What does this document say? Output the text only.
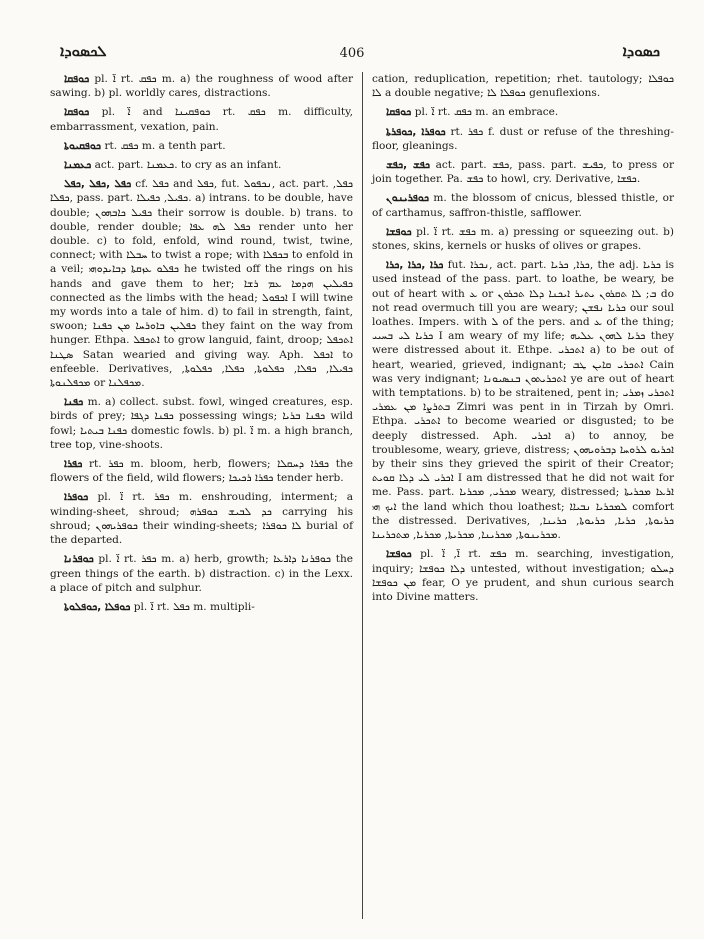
ܠܟܣܘܕܐ	406	ܟܣܘܕܐ

ܟܘܦܩܐ pl. ܐ̈ rt. ܟܦܩ m. a) the roughness of wood after sawing. b) pl. worldly cares, distractions.

ܟܘܦܩܐ pl. ܐ̈ and ܟܘܦܩܝܢܐ rt. ܟܦܩ m. difficulty, embarrassment, vexation, pain.

ܟܘܦܩܝܘܬܐ rt. ܟܦܩ m. a tenth part.

ܟܥܡܢܐ act. part. ܟܥܡܢܐ. to cry as an infant.

ܟܦܠ ,ܟܦܠ ,ܟܦܠ cf. ܟܦܠ and ܟܦܠ, fut. ܢܟܦܘܠ, act. part. ܟܦܠ, ܟܦܠܐ, pass. part. ܟܦܝܠ, ܟܦܝܠܐ. a) intrans. to be double, have double; ܟܦܝܠ ܟܐܒܗܘܢ their sorrow is double. b) trans. to double, render double; ܟܦܠ ܠܗ ܥܦܐ render unto her double. c) to fold, enfold, wind round, twist, twine, connect; with ܚܒܠܐ to twist a rope; with ܒܟܦܠܐ to enfold in a veil; ܟܦܠܘ ܥܙܩܬܐ ܕܒܐܝܕܘܗܝ he twisted off the rings on his hands and gave them to her; ܟܦܝܠܝܢ ܗܕܡܐ ܥܡ ܪܫܐ connected as the limbs with the head; ܐܟܦܘܠ I will twine my words into a tale of him. d) to fail in strength, faint, swoon; ܟܦܠܝܢ ܒܐܘܪܚܐ ܡܢ ܟܦܢܐ they faint on the way from hunger. Ethpa. ܐܬܟܦܠ to grow languid, faint, droop; ܐܬܟܦܠ ܣܛܢܐ Satan wearied and giving way. Aph. ܐܟܦܠ to enfeeble. Derivatives, ܟܦܝܠܐ, ܟܦܠܐ, ܟܦܠܘܬܐ, ܟܦܠܐ, ܟܦܠܘܬܐ, ܡܟܦܠܢܘܬܐ or ܡܟܦܠܢܐ.

ܟܦܢܐ m. a) collect. subst. fowl, winged creatures, esp. birds of prey; ܟܦܢܐ ܕܓܦܐ possessing wings; ܟܦܢܐ ܒܪܝܐ wild fowl; ܟܦܢܐ ܒܝܬܝܐ domestic fowls. b) pl. ܐ̈ m. a high branch, tree top, vine-shoots.

ܟܦܪܐ rt. ܟܦܪ m. bloom, herb, flowers; ܟܦܪܐ ܕܚܩܠܐ the flowers of the field, wild flowers; ܟܦܪܐ ܪܟܝܟܐ tender herb.

ܟܘܦܪܐ pl. ܐ̈ rt. ܟܦܪ m. enshrouding, interment; a winding-sheet, shroud; ܟܕ ܠܒܝܫ ܟܘܦܪܗ carrying his shroud; ܟܘܦܪܝܗܘܢ their winding-sheets; ܠܐ ܟܘܦܪܐ burial of the departed.

ܟܘܦܪܢܐ pl. ܐ̈ rt. ܟܦܪ m. a) herb, growth; ܟܘܦܪܢܐ ܕܐܪܥܐ the green things of the earth. b) distraction. c) in the Lexx. a place of pitch and sulphur.

ܟܘܦܠܐ ,ܟܘܦܠܘܬܐ pl. ܐ̈ rt. ܟܦܠ m. multipli-

cation, reduplication, repetition; rhet. tautology; ܟܘܦܠܐ ܠܐ a double negative; ܟܘܦܠܐ ܠܐ genuflexions.

ܟܘܦܩܐ pl. ܐ̈ rt. ܟܦܩ m. an embrace.

ܟܘܦܪܐ ,ܟܘܦܪܬܐ rt. ܟܦܪ f. dust or refuse of the threshing-floor, gleanings.

ܟܦܫ ,ܟܦܫ act. part. ܟܦܫ, pass. part. ܟܦܝܫ, to press or join together. Pa. ܟܦܫ to howl, cry. Derivative, ܟܦܫܐ.

ܟܘܦܪܝܢܘܢ m. the blossom of cnicus, blessed thistle, or of carthamus, saffron-thistle, safflower.

ܟܘܦܫܐ pl. ܐ̈ rt. ܟܦܫ m. a) pressing or squeezing out. b) stones, skins, kernels or husks of olives or grapes.

ܟܪܐ ,ܟܪܐ ,ܟܪܐ fut. ܢܟܪܐ, act. part. ܟܪܐ, ܟܪܝܐ, the adj. ܟܪܝܐ is used instead of the pass. part. to loathe, be weary, be out of heart with ܥ or ܒ; ܠܐ ܬܩܪܘܢ ܝܬܝܪ ܐܝܟܢܐ ܕܠܐ ܬܟܪܘܢ do not read overmuch till you are weary; ܟܪܝܐ ܢܦܫܢ our soul loathes. Impers. with ܠ of the pers. and ܥ of the thing; ܟܪܝܐ ܠܝ ܒܚܝܝ I am weary of my life; ܟܪܝܐ ܠܗܘܢ ܥܠܝܗ they were distressed about it. Ethpe. ܐܬܟܪܝ a) to be out of heart, wearied, grieved, indignant; ܐܬܟܪܝ ܩܐܝܢ ܛܒ Cain was very indignant; ܐܬܟܪܝܬܘܢ ܒܢܣܝܘܢܐ ye are out of heart with temptations. b) to be straitened, pent in; ܐܬܟܪܝ ܙܡܪܝ ܒܬܪܨܐ ܡܢ ܥܡܪܝ Zimri was pent in in Tirzah by Omri. Ethpa. ܐܬܟܪܝ to become wearied or disgusted; to be deeply distressed. Aph. ܐܟܪܝ a) to annoy, be troublesome, weary, grieve, distress; ܐܟܪܝܘ ܠܪܘܚܐ ܕܒܪܘܝܗܘܢ by their sins they grieved the spirit of their Creator; ܐܟܪܝ ܠܝ ܕܠܐ ܩܘܝܬ I am distressed that he did not wait for me. Pass. part. ܡܟܪܝ, ܡܟܪܝܐ weary, distressed; ܐܪܥܐ ܡܟܪܝܬܐ ܐܝܟ ܗܝ the land which thou loathest; ܠܡܟܪܝܐ ܢܒܝܐܐ comfort the distressed. Derivatives, ܟܪܝܘܬܐ, ܟܪܝܐ, ܟܪܝܘܬܐ, ܟܪܝܢܐ, ܡܟܪܝܢܘܬܐ, ܡܟܪܝܢܐ, ܡܟܪܝܬܐ, ܡܟܪܝܐ, ܡܬܟܪܝܢܐ.

ܟܘܦܫܐ pl. ܐ̈, ܐ̈ rt. ܟܦܫ m. searching, investigation, inquiry; ܕܠܐ ܟܘܦܫܐ untested, without investigation; ܕܚܠܘ ܡܢ ܟܘܦܫܐ fear, O ye prudent, and shun curious search into Divine matters.
